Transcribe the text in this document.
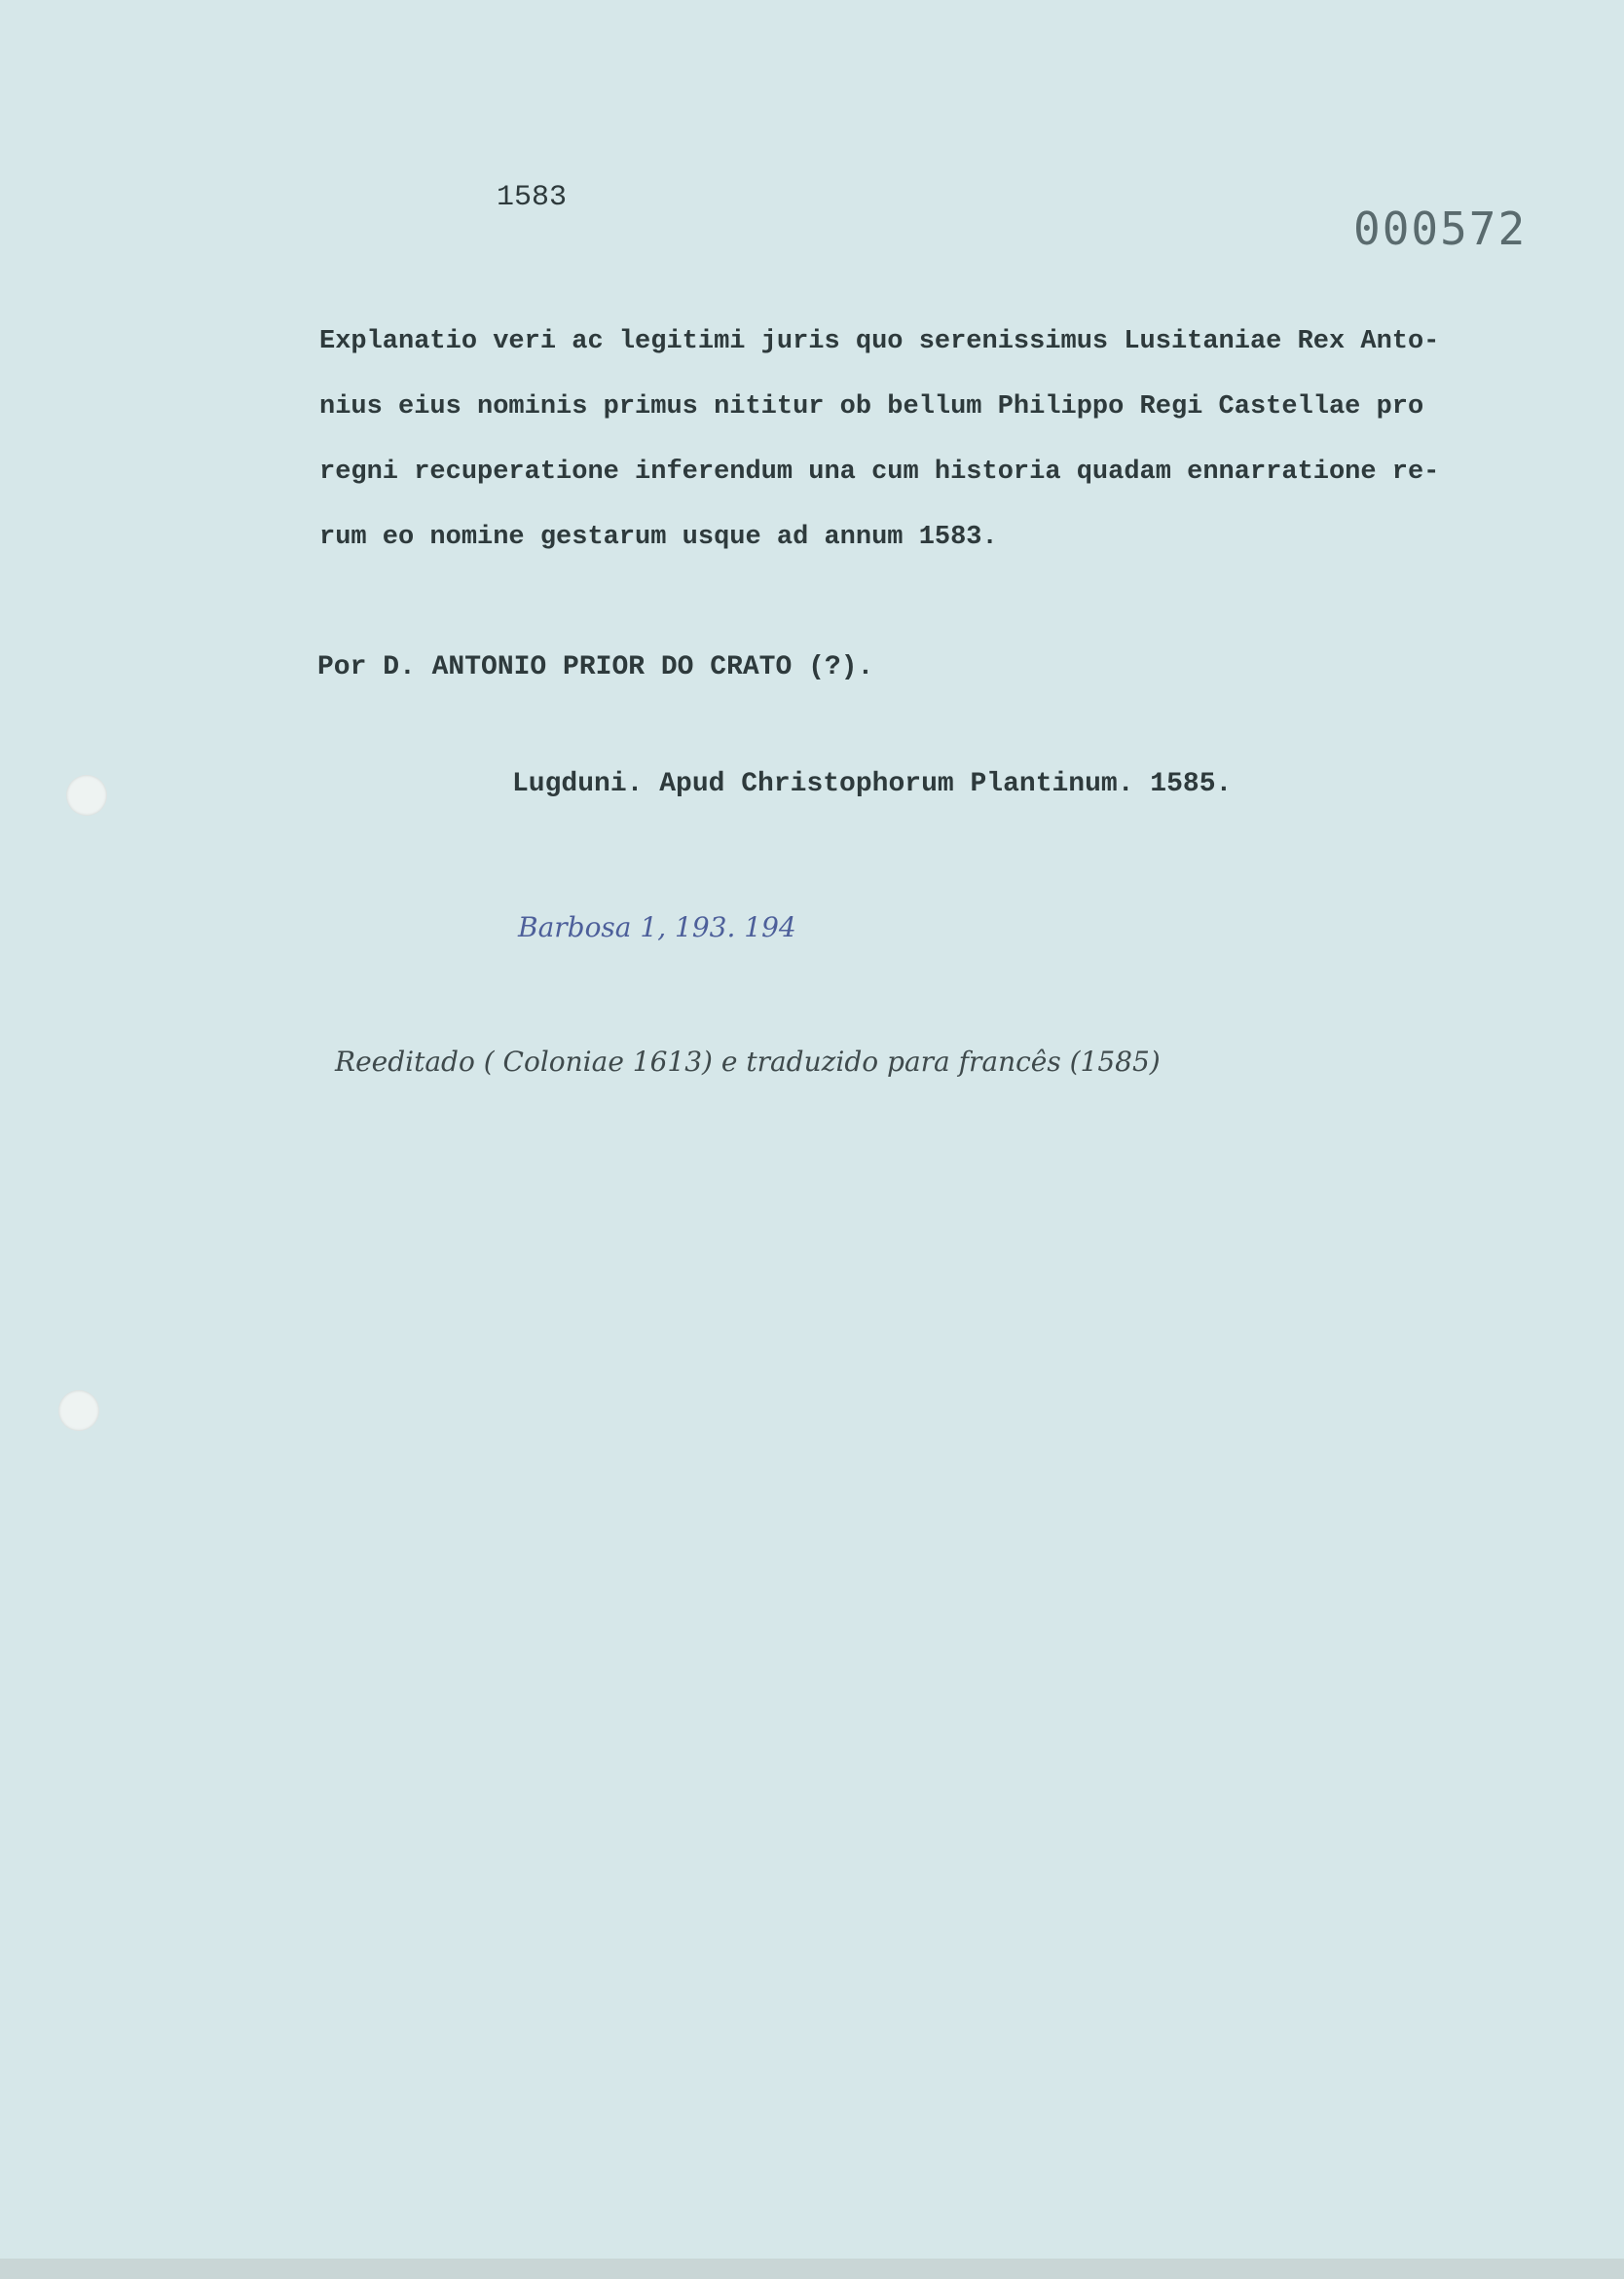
1583
000572
Explanatio veri ac legitimi juris quo serenissimus Lusitaniae Rex Anto-
nius eius nominis primus nititur ob bellum Philippo Regi Castellae pro
regni recuperatione inferendum una cum historia quadam ennarratione re-
rum eo nomine gestarum usque ad annum 1583.
Por D. ANTONIO PRIOR DO CRATO (?).
Lugduni. Apud Christophorum Plantinum. 1585.
Barbosa 1, 193. 194
Reeditado ( Coloniae 1613) e traduzido para francês (1585)
